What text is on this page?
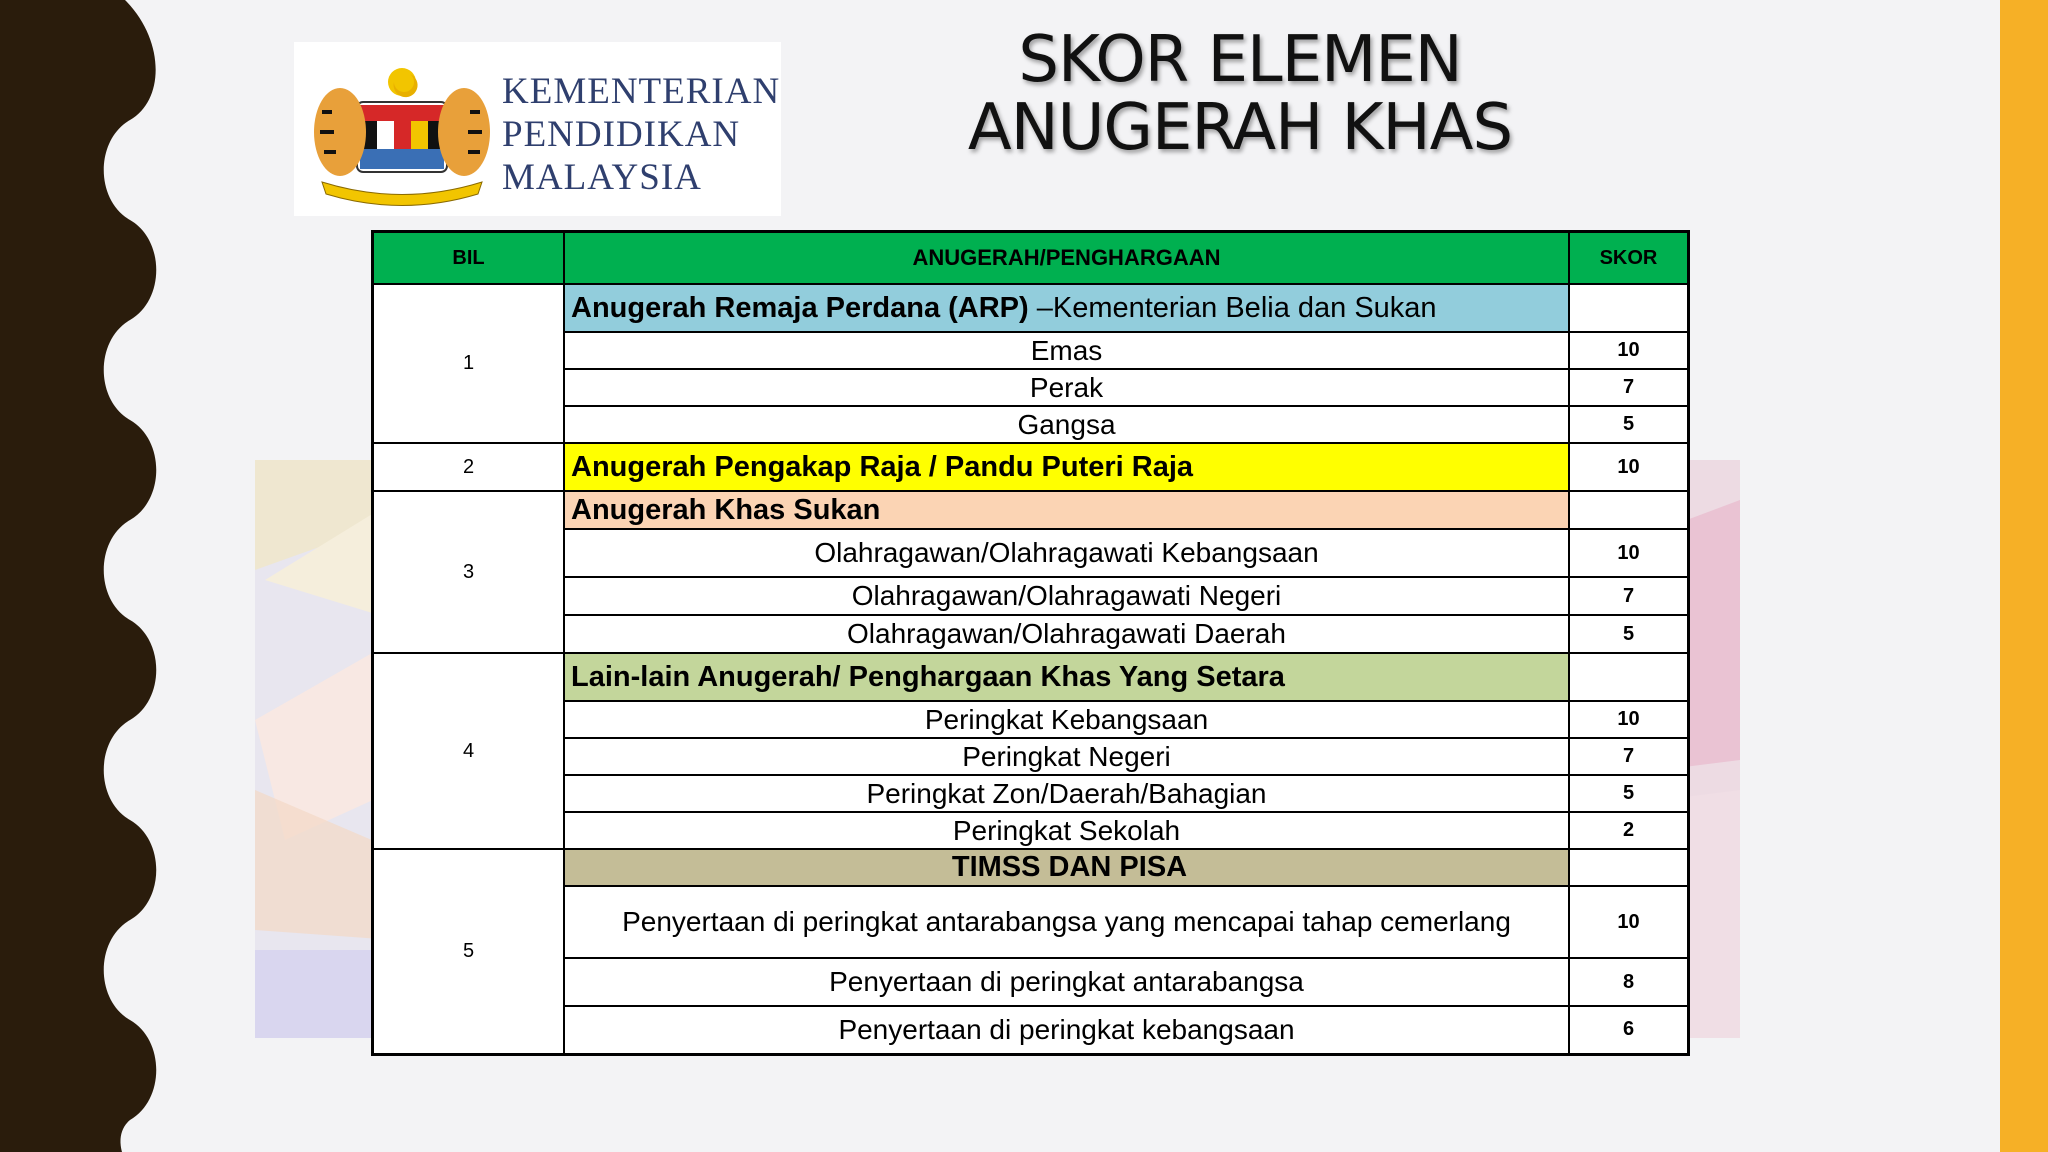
KEMENTERIAN
PENDIDIKAN
MALAYSIA
SKOR ELEMEN
ANUGERAH KHAS
BIL	ANUGERAH/PENGHARGAAN	SKOR
1	Anugerah Remaja Perdana (ARP) –Kementerian Belia dan Sukan	
	Emas	10
	Perak	7
	Gangsa	5
2	Anugerah Pengakap Raja / Pandu Puteri Raja	10
3	Anugerah Khas Sukan	
	Olahragawan/Olahragawati Kebangsaan	10
	Olahragawan/Olahragawati Negeri	7
	Olahragawan/Olahragawati Daerah	5
4	Lain-lain Anugerah/ Penghargaan Khas Yang Setara	
	Peringkat Kebangsaan	10
	Peringkat Negeri	7
	Peringkat Zon/Daerah/Bahagian	5
	Peringkat Sekolah	2
5	TIMSS DAN PISA	
	Penyertaan di peringkat antarabangsa yang mencapai tahap cemerlang	10
	Penyertaan di peringkat antarabangsa	8
	Penyertaan di peringkat kebangsaan	6
